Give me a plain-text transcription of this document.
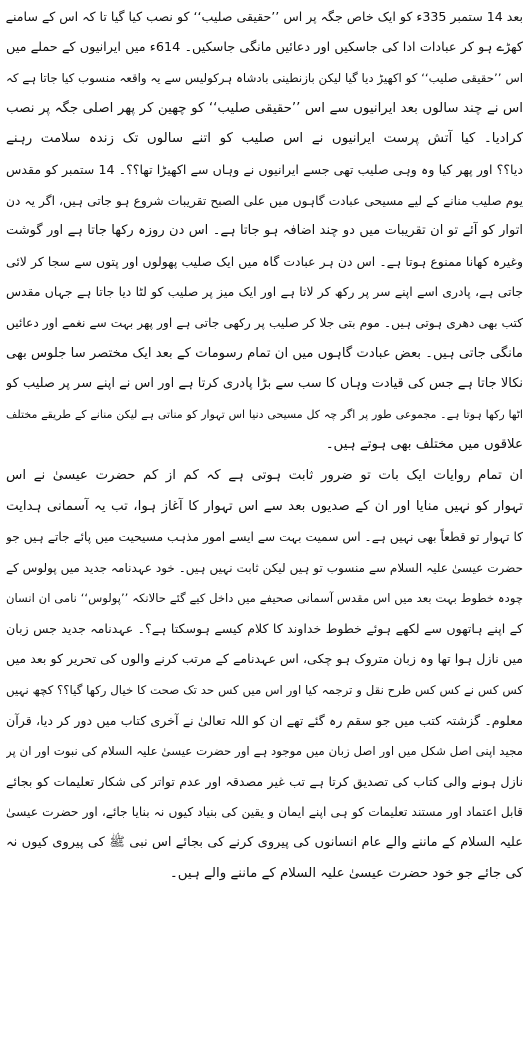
بعد 14 ستمبر 335ء کو ایک خاص جگہ پر اس ’’حقیقی صلیب‘‘ کو نصب کیا گیا تا کہ اس کے سامنے
کھڑے ہو کر عبادات ادا کی جاسکیں اور دعائیں مانگی جاسکیں۔ 614ء میں ایرانیوں کے حملے میں
اس ’’حقیقی صلیب‘‘ کو اکھیڑ دیا گیا لیکن بازنطینی بادشاہ ہرکولیس سے یہ واقعہ منسوب کیا جاتا ہے کہ
اس نے چند سالوں بعد ایرانیوں سے اس ’’حقیقی صلیب‘‘ کو چھین کر پھر اصلی جگہ پر نصب
کرادیا۔ کیا آتش پرست ایرانیوں نے اس صلیب کو اتنے سالوں تک زندہ سلامت رہنے
دیا؟؟ اور پھر کیا وہ وہی صلیب تھی جسے ایرانیوں نے وہاں سے اکھیڑا تھا؟؟۔ 14 ستمبر کو مقدس
یوم صلیب منانے کے لیے مسیحی عبادت گاہوں میں علی الصبح تقریبات شروع ہو جاتی ہیں، اگر یہ دن
اتوار کو آئے تو ان تقریبات میں دو چند اضافہ ہو جاتا ہے۔ اس دن روزہ رکھا جاتا ہے اور گوشت
وغیرہ کھانا ممنوع ہوتا ہے۔ اس دن ہر عبادت گاہ میں ایک صلیب پھولوں اور پتوں سے سجا کر لائی
جاتی ہے، پادری اسے اپنے سر پر رکھ کر لاتا ہے اور ایک میز پر صلیب کو لٹا دیا جاتا ہے جہاں مقدس
کتب بھی دھری ہوتی ہیں۔ موم بتی جلا کر صلیب پر رکھی جاتی ہے اور پھر بہت سے نغمے اور دعائیں
مانگی جاتی ہیں۔ بعض عبادت گاہوں میں ان تمام رسومات کے بعد ایک مختصر سا جلوس بھی
نکالا جاتا ہے جس کی قیادت وہاں کا سب سے بڑا پادری کرتا ہے اور اس نے اپنے سر پر صلیب کو
اٹھا رکھا ہوتا ہے۔ مجموعی طور پر اگر چہ کل مسیحی دنیا اس تہوار کو مناتی ہے لیکن منانے کے طریقے مختلف
علاقوں میں مختلف بھی ہوتے ہیں۔
ان تمام روایات ایک بات تو ضرور ثابت ہوتی ہے کہ کم از کم حضرت عیسیٰ نے اس
تہوار کو نہیں منایا اور ان کے صدیوں بعد سے اس تہوار کا آغاز ہوا، تب یہ آسمانی ہدایت
کا تہوار تو قطعاً بھی نہیں ہے۔ اس سمیت بہت سے ایسے امور مذہب مسیحیت میں پائے جاتے ہیں جو
حضرت عیسیٰ علیہ السلام سے منسوب تو ہیں لیکن ثابت نہیں ہیں۔ خود عہدنامہ جدید میں پولوس کے
چودہ خطوط بہت بعد میں اس مقدس آسمانی صحیفے میں داخل کیے گئے حالانکہ ’’پولوس‘‘ نامی ان انسان
کے اپنے ہاتھوں سے لکھے ہوئے خطوط خداوند کا کلام کیسے ہوسکتا ہے؟۔ عہدنامہ جدید جس زبان
میں نازل ہوا تھا وہ زبان متروک ہو چکی، اس عہدنامے کے مرتب کرنے والوں کی تحریر کو بعد میں
کس کس نے کس کس طرح نقل و ترجمہ کیا اور اس میں کس حد تک صحت کا خیال رکھا گیا؟؟ کچھ نہیں
معلوم۔ گزشتہ کتب میں جو سقم رہ گئے تھے ان کو اللہ تعالیٰ نے آخری کتاب میں دور کر دیا، قرآن
مجید اپنی اصل شکل میں اور اصل زبان میں موجود ہے اور حضرت عیسیٰ علیہ السلام کی نبوت اور ان پر
نازل ہونے والی کتاب کی تصدیق کرتا ہے تب غیر مصدقہ اور عدم تواتر کی شکار تعلیمات کو بجائے
قابل اعتماد اور مستند تعلیمات کو ہی اپنے ایمان و یقین کی بنیاد کیوں نہ بنایا جائے، اور حضرت عیسیٰ
علیہ السلام کے ماننے والے عام انسانوں کی پیروی کرنے کی بجائے اس نبی ﷺ کی پیروی کیوں نہ
کی جائے جو خود حضرت عیسیٰ علیہ السلام کے ماننے والے ہیں۔
